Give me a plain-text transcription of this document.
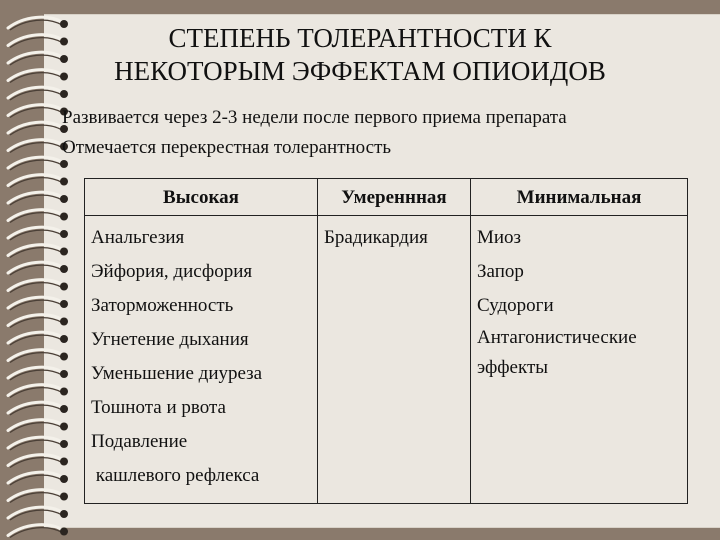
СТЕПЕНЬ ТОЛЕРАНТНОСТИ К
НЕКОТОРЫМ ЭФФЕКТАМ ОПИОИДОВ
Развивается через 2-3 недели после первого приема препарата
Отмечается перекрестная толерантность
Высокая
Анальгезия
Эйфория, дисфория
Заторможенность
Угнетение дыхания
Уменьшение диуреза
Тошнота и рвота
Подавление
кашлевого рефлекса
Умереннная
Брадикардия
Минимальная
Миоз
Запор
Судороги
Антагонистические эффекты
